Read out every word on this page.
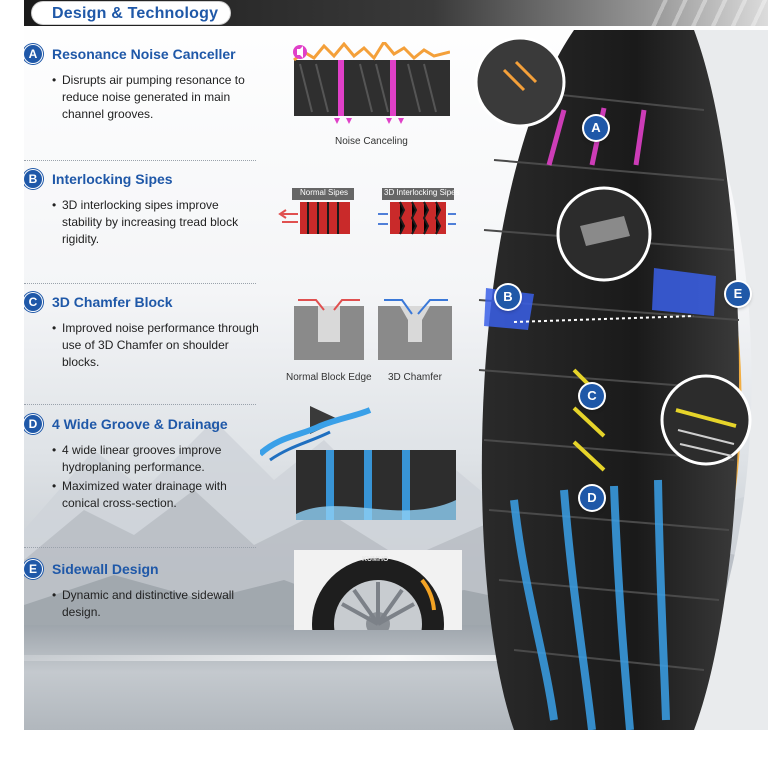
Design & Technology
A	Resonance Noise Canceller
• Disrupts air pumping resonance to reduce noise generated in main channel grooves.
B	Interlocking Sipes
• 3D interlocking sipes improve stability by increasing tread block rigidity.
C	3D Chamfer Block
• Improved noise performance through use of 3D Chamfer on shoulder blocks.
D	4 Wide Groove & Drainage
• 4 wide linear grooves improve hydroplaning performance.
• Maximized water drainage with conical cross-section.
E	Sidewall Design
• Dynamic and distinctive sidewall design.
Noise Canceling
Normal Sipes	3D Interlocking Sipes
Normal Block Edge 3D Chamfer
KUMHO
A
B
C
D
E
